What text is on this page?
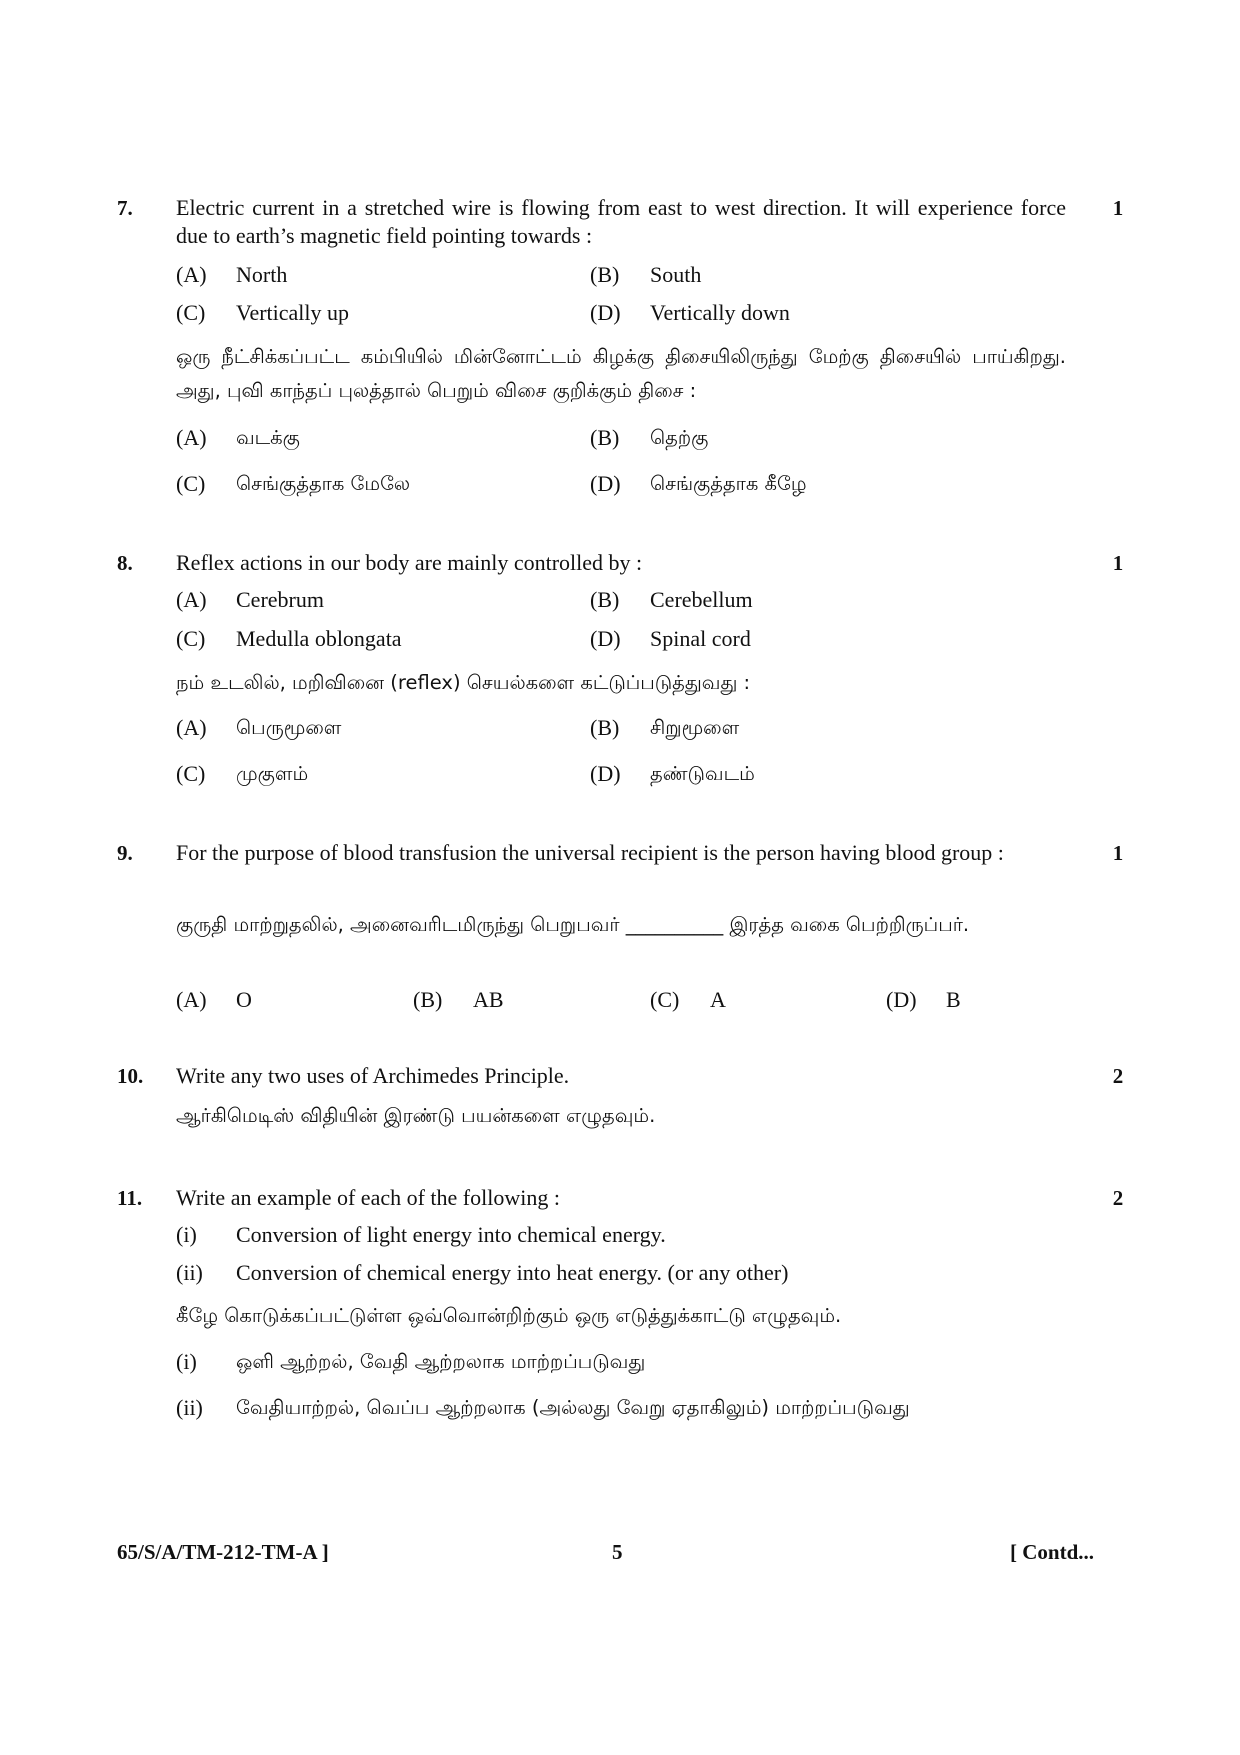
7.	1
Electric current in a stretched wire is flowing from east to west direction. It will experience force due to earth’s magnetic field pointing towards :
(A) North	(B) South
(C) Vertically up	(D) Vertically down
ஒரு நீட்சிக்கப்பட்ட கம்பியில் மின்னோட்டம் கிழக்கு திசையிலிருந்து மேற்கு திசையில் பாய்கிறது. அது, புவி காந்தப் புலத்தால் பெறும் விசை குறிக்கும் திசை :
(A) வடக்கு	(B) தெற்கு
(C) செங்குத்தாக மேலே	(D) செங்குத்தாக கீழே
8.	1
Reflex actions in our body are mainly controlled by :
(A) Cerebrum	(B) Cerebellum
(C) Medulla oblongata	(D) Spinal cord
நம் உடலில், மறிவினை (reflex) செயல்களை கட்டுப்படுத்துவது :
(A) பெருமூளை	(B) சிறுமூளை
(C) முகுளம்	(D) தண்டுவடம்
9.	1
For the purpose of blood transfusion the universal recipient is the person having blood group :
குருதி மாற்றுதலில், அனைவரிடமிருந்து பெறுபவர் __________ இரத்த வகை பெற்றிருப்பர்.
(A) O	(B) AB	(C) A	(D) B
10.	2
Write any two uses of Archimedes Principle.
ஆர்கிமெடிஸ் விதியின் இரண்டு பயன்களை எழுதவும்.
11.	2
Write an example of each of the following :
(i) Conversion of light energy into chemical energy.
(ii) Conversion of chemical energy into heat energy. (or any other)
கீழே கொடுக்கப்பட்டுள்ள ஒவ்வொன்றிற்கும் ஒரு எடுத்துக்காட்டு எழுதவும்.
(i) ஒளி ஆற்றல், வேதி ஆற்றலாக மாற்றப்படுவது
(ii) வேதியாற்றல், வெப்ப ஆற்றலாக (அல்லது வேறு ஏதாகிலும்) மாற்றப்படுவது
65/S/A/TM-212-TM-A ]	5	[ Contd...
